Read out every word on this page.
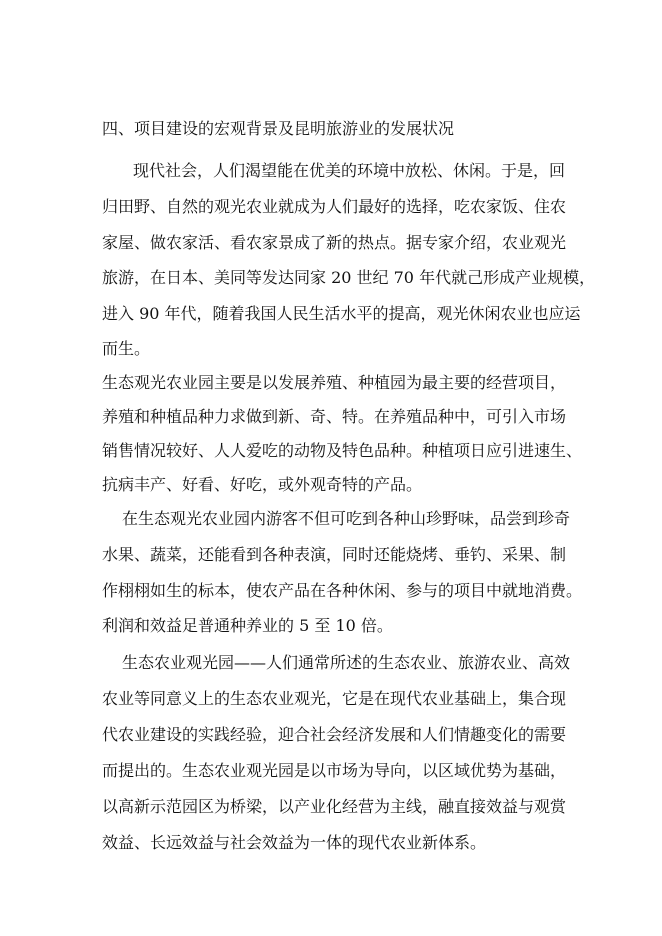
四、项目建设的宏观背景及昆明旅游业的发展状况
现代社会，人们渴望能在优美的环境中放松、休闲。于是，回
归田野、自然的观光农业就成为人们最好的选择，吃农家饭、住农
家屋、做农家活、看农家景成了新的热点。据专家介绍，农业观光
旅游，在日本、美同等发达同家 20 世纪 70 年代就己形成产业规模，
进入 90 年代，随着我国人民生活水平的提高，观光休闲农业也应运
而生。
生态观光农业园主要是以发展养殖、种植园为最主要的经营项目，
养殖和种植品种力求做到新、奇、特。在养殖品种中，可引入市场
销售情况较好、人人爱吃的动物及特色品种。种植项日应引进速生、
抗病丰产、好看、好吃，或外观奇特的产品。
在生态观光农业园内游客不但可吃到各种山珍野味，品尝到珍奇
水果、蔬菜，还能看到各种表演，同时还能烧烤、垂钓、采果、制
作栩栩如生的标本，使农产品在各种休闲、参与的项目中就地消费。
利润和效益足普通种养业的 5 至 10 倍。
生态农业观光园——人们通常所述的生态农业、旅游农业、高效
农业等同意义上的生态农业观光，它是在现代农业基础上，集合现
代农业建设的实践经验，迎合社会经济发展和人们情趣变化的需要
而提出的。生态农业观光园是以市场为导向，以区域优势为基础，
以高新示范园区为桥梁，以产业化经营为主线，融直接效益与观赏
效益、长远效益与社会效益为一体的现代农业新体系。
